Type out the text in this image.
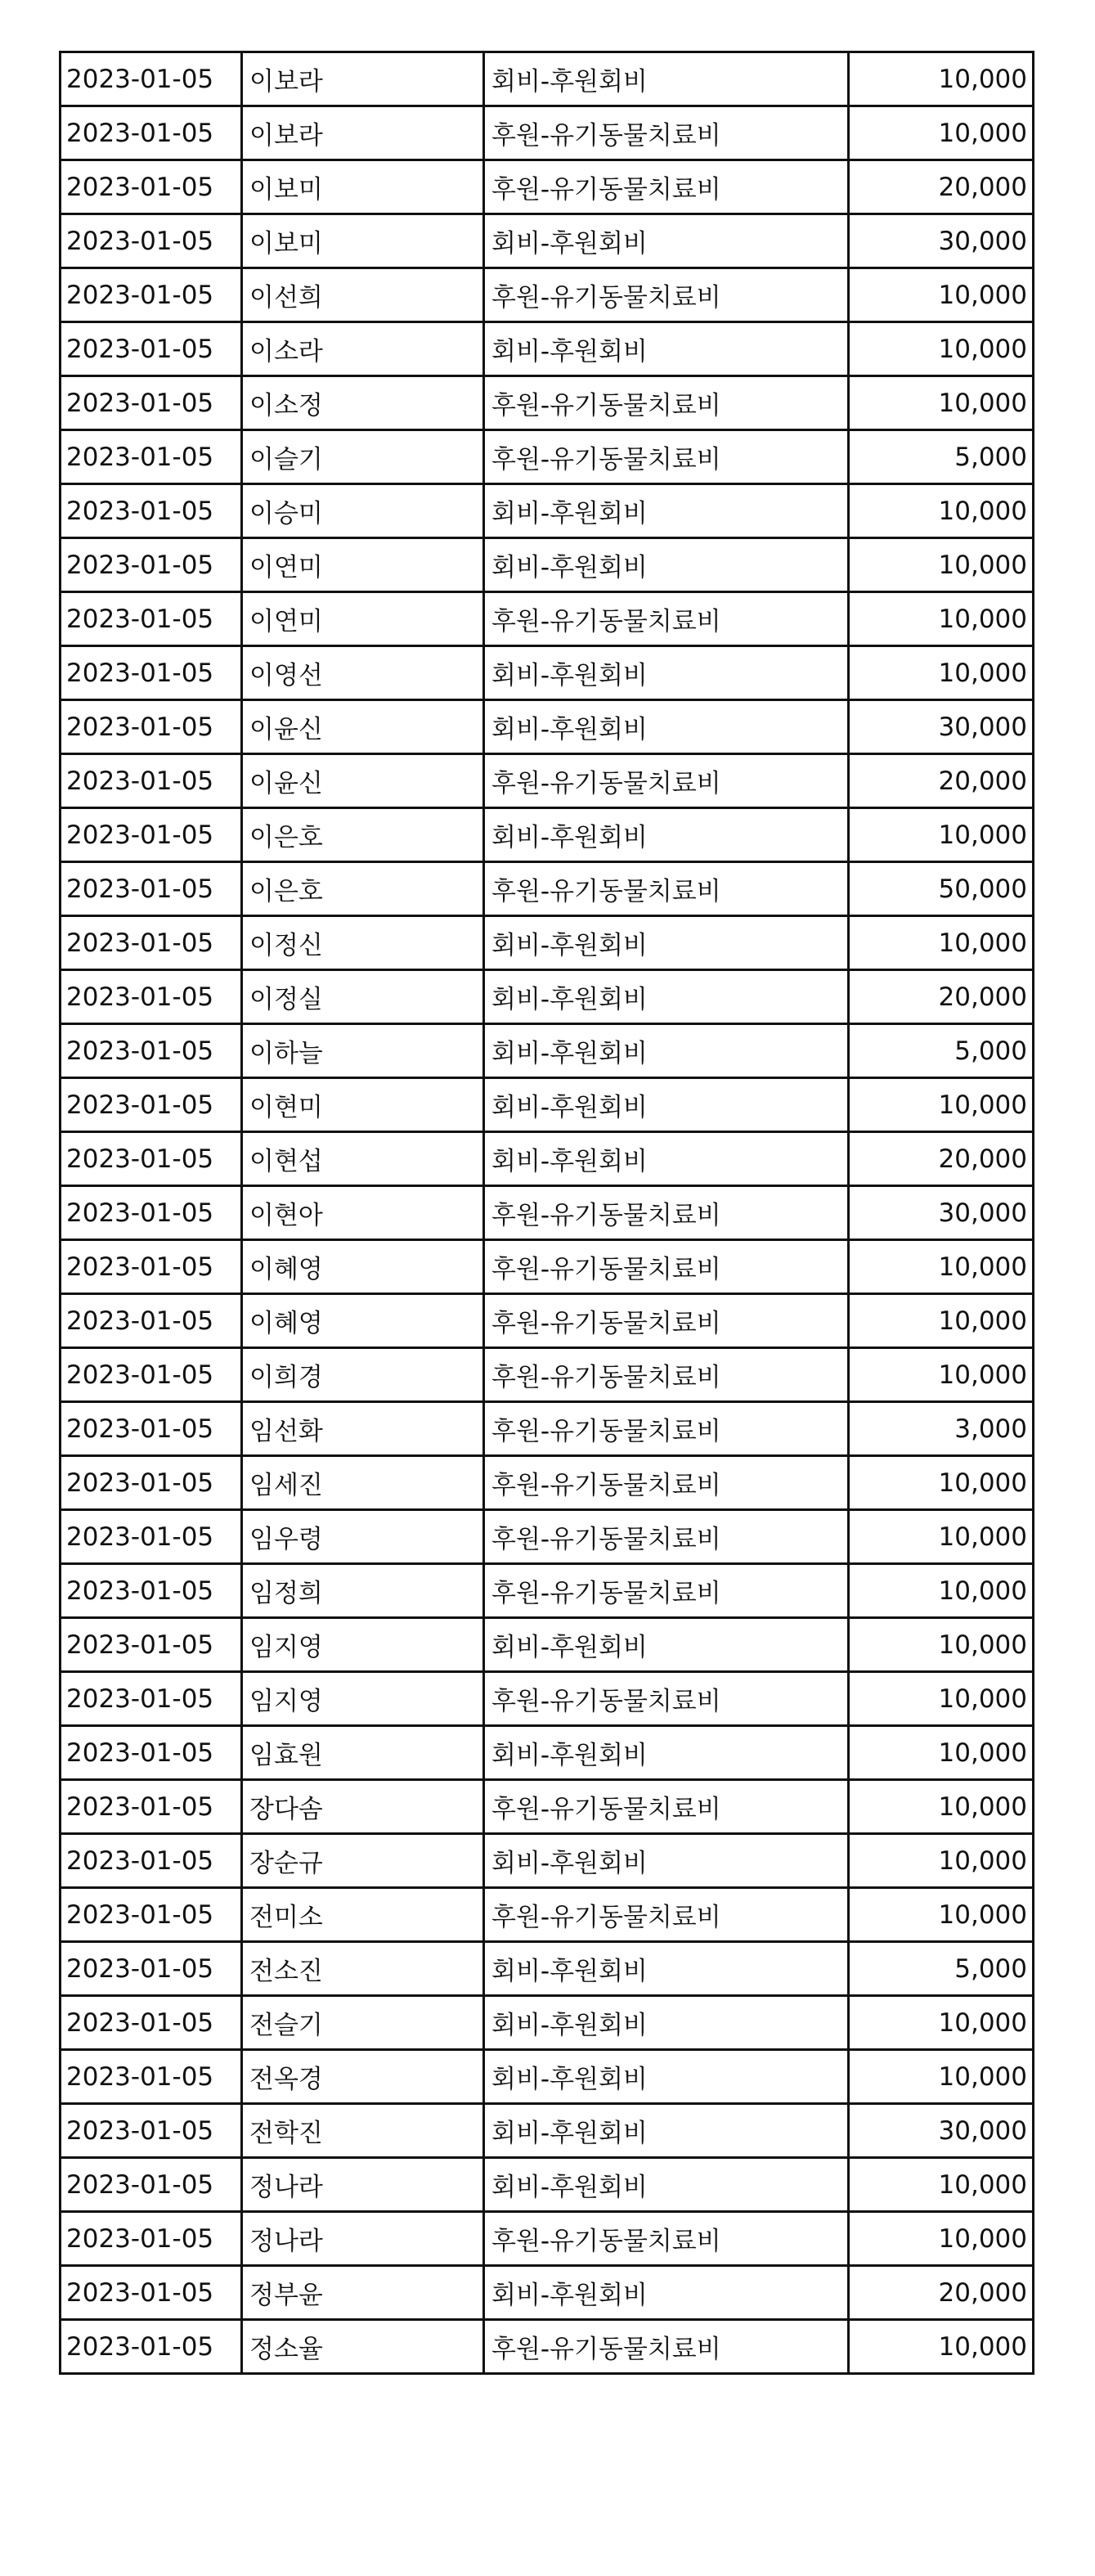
2023-01-05	이보라	회비-후원회비	10,000
2023-01-05	이보라	후원-유기동물치료비	10,000
2023-01-05	이보미	후원-유기동물치료비	20,000
2023-01-05	이보미	회비-후원회비	30,000
2023-01-05	이선희	후원-유기동물치료비	10,000
2023-01-05	이소라	회비-후원회비	10,000
2023-01-05	이소정	후원-유기동물치료비	10,000
2023-01-05	이슬기	후원-유기동물치료비	5,000
2023-01-05	이승미	회비-후원회비	10,000
2023-01-05	이연미	회비-후원회비	10,000
2023-01-05	이연미	후원-유기동물치료비	10,000
2023-01-05	이영선	회비-후원회비	10,000
2023-01-05	이윤신	회비-후원회비	30,000
2023-01-05	이윤신	후원-유기동물치료비	20,000
2023-01-05	이은호	회비-후원회비	10,000
2023-01-05	이은호	후원-유기동물치료비	50,000
2023-01-05	이정신	회비-후원회비	10,000
2023-01-05	이정실	회비-후원회비	20,000
2023-01-05	이하늘	회비-후원회비	5,000
2023-01-05	이현미	회비-후원회비	10,000
2023-01-05	이현섭	회비-후원회비	20,000
2023-01-05	이현아	후원-유기동물치료비	30,000
2023-01-05	이혜영	후원-유기동물치료비	10,000
2023-01-05	이혜영	후원-유기동물치료비	10,000
2023-01-05	이희경	후원-유기동물치료비	10,000
2023-01-05	임선화	후원-유기동물치료비	3,000
2023-01-05	임세진	후원-유기동물치료비	10,000
2023-01-05	임우령	후원-유기동물치료비	10,000
2023-01-05	임정희	후원-유기동물치료비	10,000
2023-01-05	임지영	회비-후원회비	10,000
2023-01-05	임지영	후원-유기동물치료비	10,000
2023-01-05	임효원	회비-후원회비	10,000
2023-01-05	장다솜	후원-유기동물치료비	10,000
2023-01-05	장순규	회비-후원회비	10,000
2023-01-05	전미소	후원-유기동물치료비	10,000
2023-01-05	전소진	회비-후원회비	5,000
2023-01-05	전슬기	회비-후원회비	10,000
2023-01-05	전옥경	회비-후원회비	10,000
2023-01-05	전학진	회비-후원회비	30,000
2023-01-05	정나라	회비-후원회비	10,000
2023-01-05	정나라	후원-유기동물치료비	10,000
2023-01-05	정부윤	회비-후원회비	20,000
2023-01-05	정소율	후원-유기동물치료비	10,000
